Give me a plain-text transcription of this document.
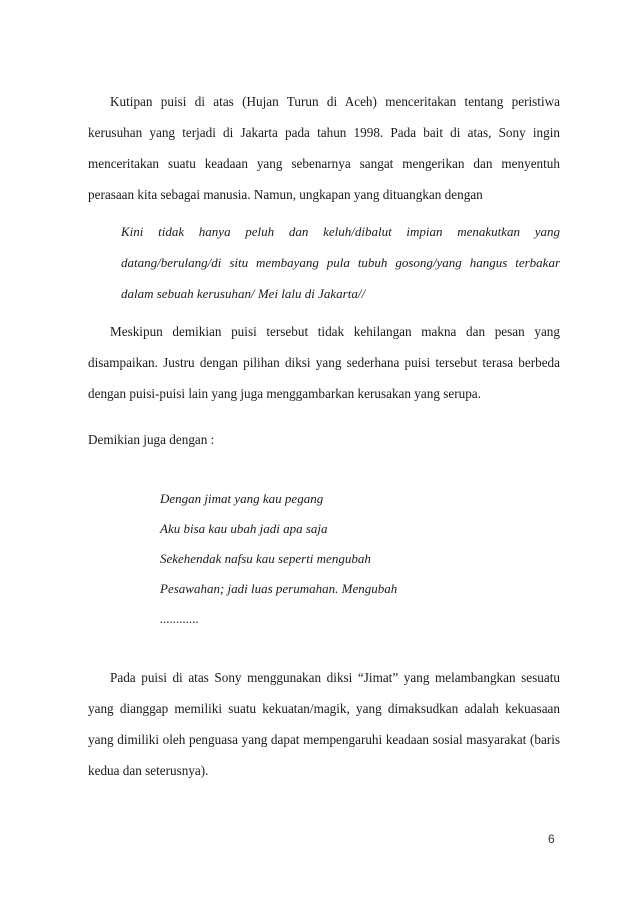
Kutipan puisi di atas (Hujan Turun di Aceh) menceritakan tentang peristiwa kerusuhan yang terjadi di Jakarta pada tahun 1998. Pada bait di atas, Sony ingin menceritakan suatu keadaan yang sebenarnya sangat mengerikan dan menyentuh perasaan kita sebagai manusia. Namun, ungkapan yang dituangkan dengan

Kini tidak hanya peluh dan keluh/dibalut impian menakutkan yang datang/berulang/di situ membayang pula tubuh gosong/yang hangus terbakar dalam sebuah kerusuhan/ Mei lalu di Jakarta//

Meskipun demikian puisi tersebut tidak kehilangan makna dan pesan yang disampaikan. Justru dengan pilihan diksi yang sederhana puisi tersebut terasa berbeda dengan puisi-puisi lain yang juga menggambarkan kerusakan yang serupa.

Demikian juga dengan :

Dengan jimat yang kau pegang
Aku bisa kau ubah jadi apa saja
Sekehendak nafsu kau seperti mengubah
Pesawahan; jadi luas perumahan. Mengubah
............

Pada puisi di atas Sony menggunakan diksi “Jimat” yang melambangkan sesuatu yang dianggap memiliki suatu kekuatan/magik, yang dimaksudkan adalah kekuasaan yang dimiliki oleh penguasa yang dapat mempengaruhi keadaan sosial masyarakat (baris kedua dan seterusnya).

6
